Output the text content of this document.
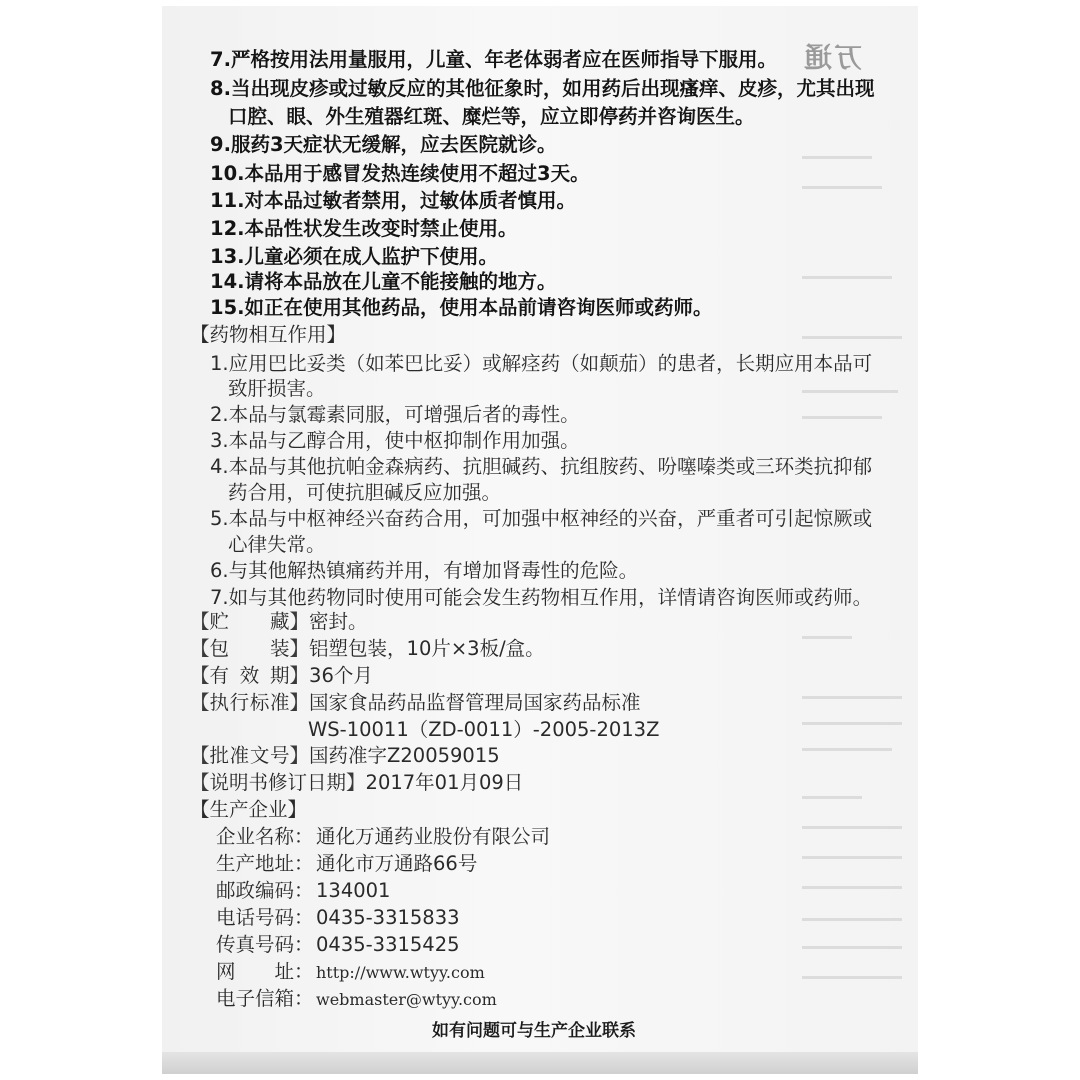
万通
7.严格按用法用量服用，儿童、年老体弱者应在医师指导下服用。
8.当出现皮疹或过敏反应的其他征象时，如用药后出现瘙痒、皮疹，尤其出现
口腔、眼、外生殖器红斑、糜烂等，应立即停药并咨询医生。
9.服药3天症状无缓解，应去医院就诊。
10.本品用于感冒发热连续使用不超过3天。
11.对本品过敏者禁用，过敏体质者慎用。
12.本品性状发生改变时禁止使用。
13.儿童必须在成人监护下使用。
14.请将本品放在儿童不能接触的地方。
15.如正在使用其他药品，使用本品前请咨询医师或药师。
【药物相互作用】
1.应用巴比妥类（如苯巴比妥）或解痉药（如颠茄）的患者，长期应用本品可
致肝损害。
2.本品与氯霉素同服，可增强后者的毒性。
3.本品与乙醇合用，使中枢抑制作用加强。
4.本品与其他抗帕金森病药、抗胆碱药、抗组胺药、吩噻嗪类或三环类抗抑郁
药合用，可使抗胆碱反应加强。
5.本品与中枢神经兴奋药合用，可加强中枢神经的兴奋，严重者可引起惊厥或
心律失常。
6.与其他解热镇痛药并用，有增加肾毒性的危险。
7.如与其他药物同时使用可能会发生药物相互作用，详情请咨询医师或药师。
【贮　　藏】密封。
【包　　装】铝塑包装，10片×3板/盒。
【有 效 期】36个月
【执行标准】国家食品药品监督管理局国家药品标准
WS-10011（ZD-0011）-2005-2013Z
【批准文号】国药准字Z20059015
【说明书修订日期】2017年01月09日
【生产企业】
企业名称： 通化万通药业股份有限公司
生产地址： 通化市万通路66号
邮政编码： 134001
电话号码： 0435-3315833
传真号码： 0435-3315425
网　　址： http://www.wtyy.com
电子信箱： webmaster@wtyy.com
如有问题可与生产企业联系
